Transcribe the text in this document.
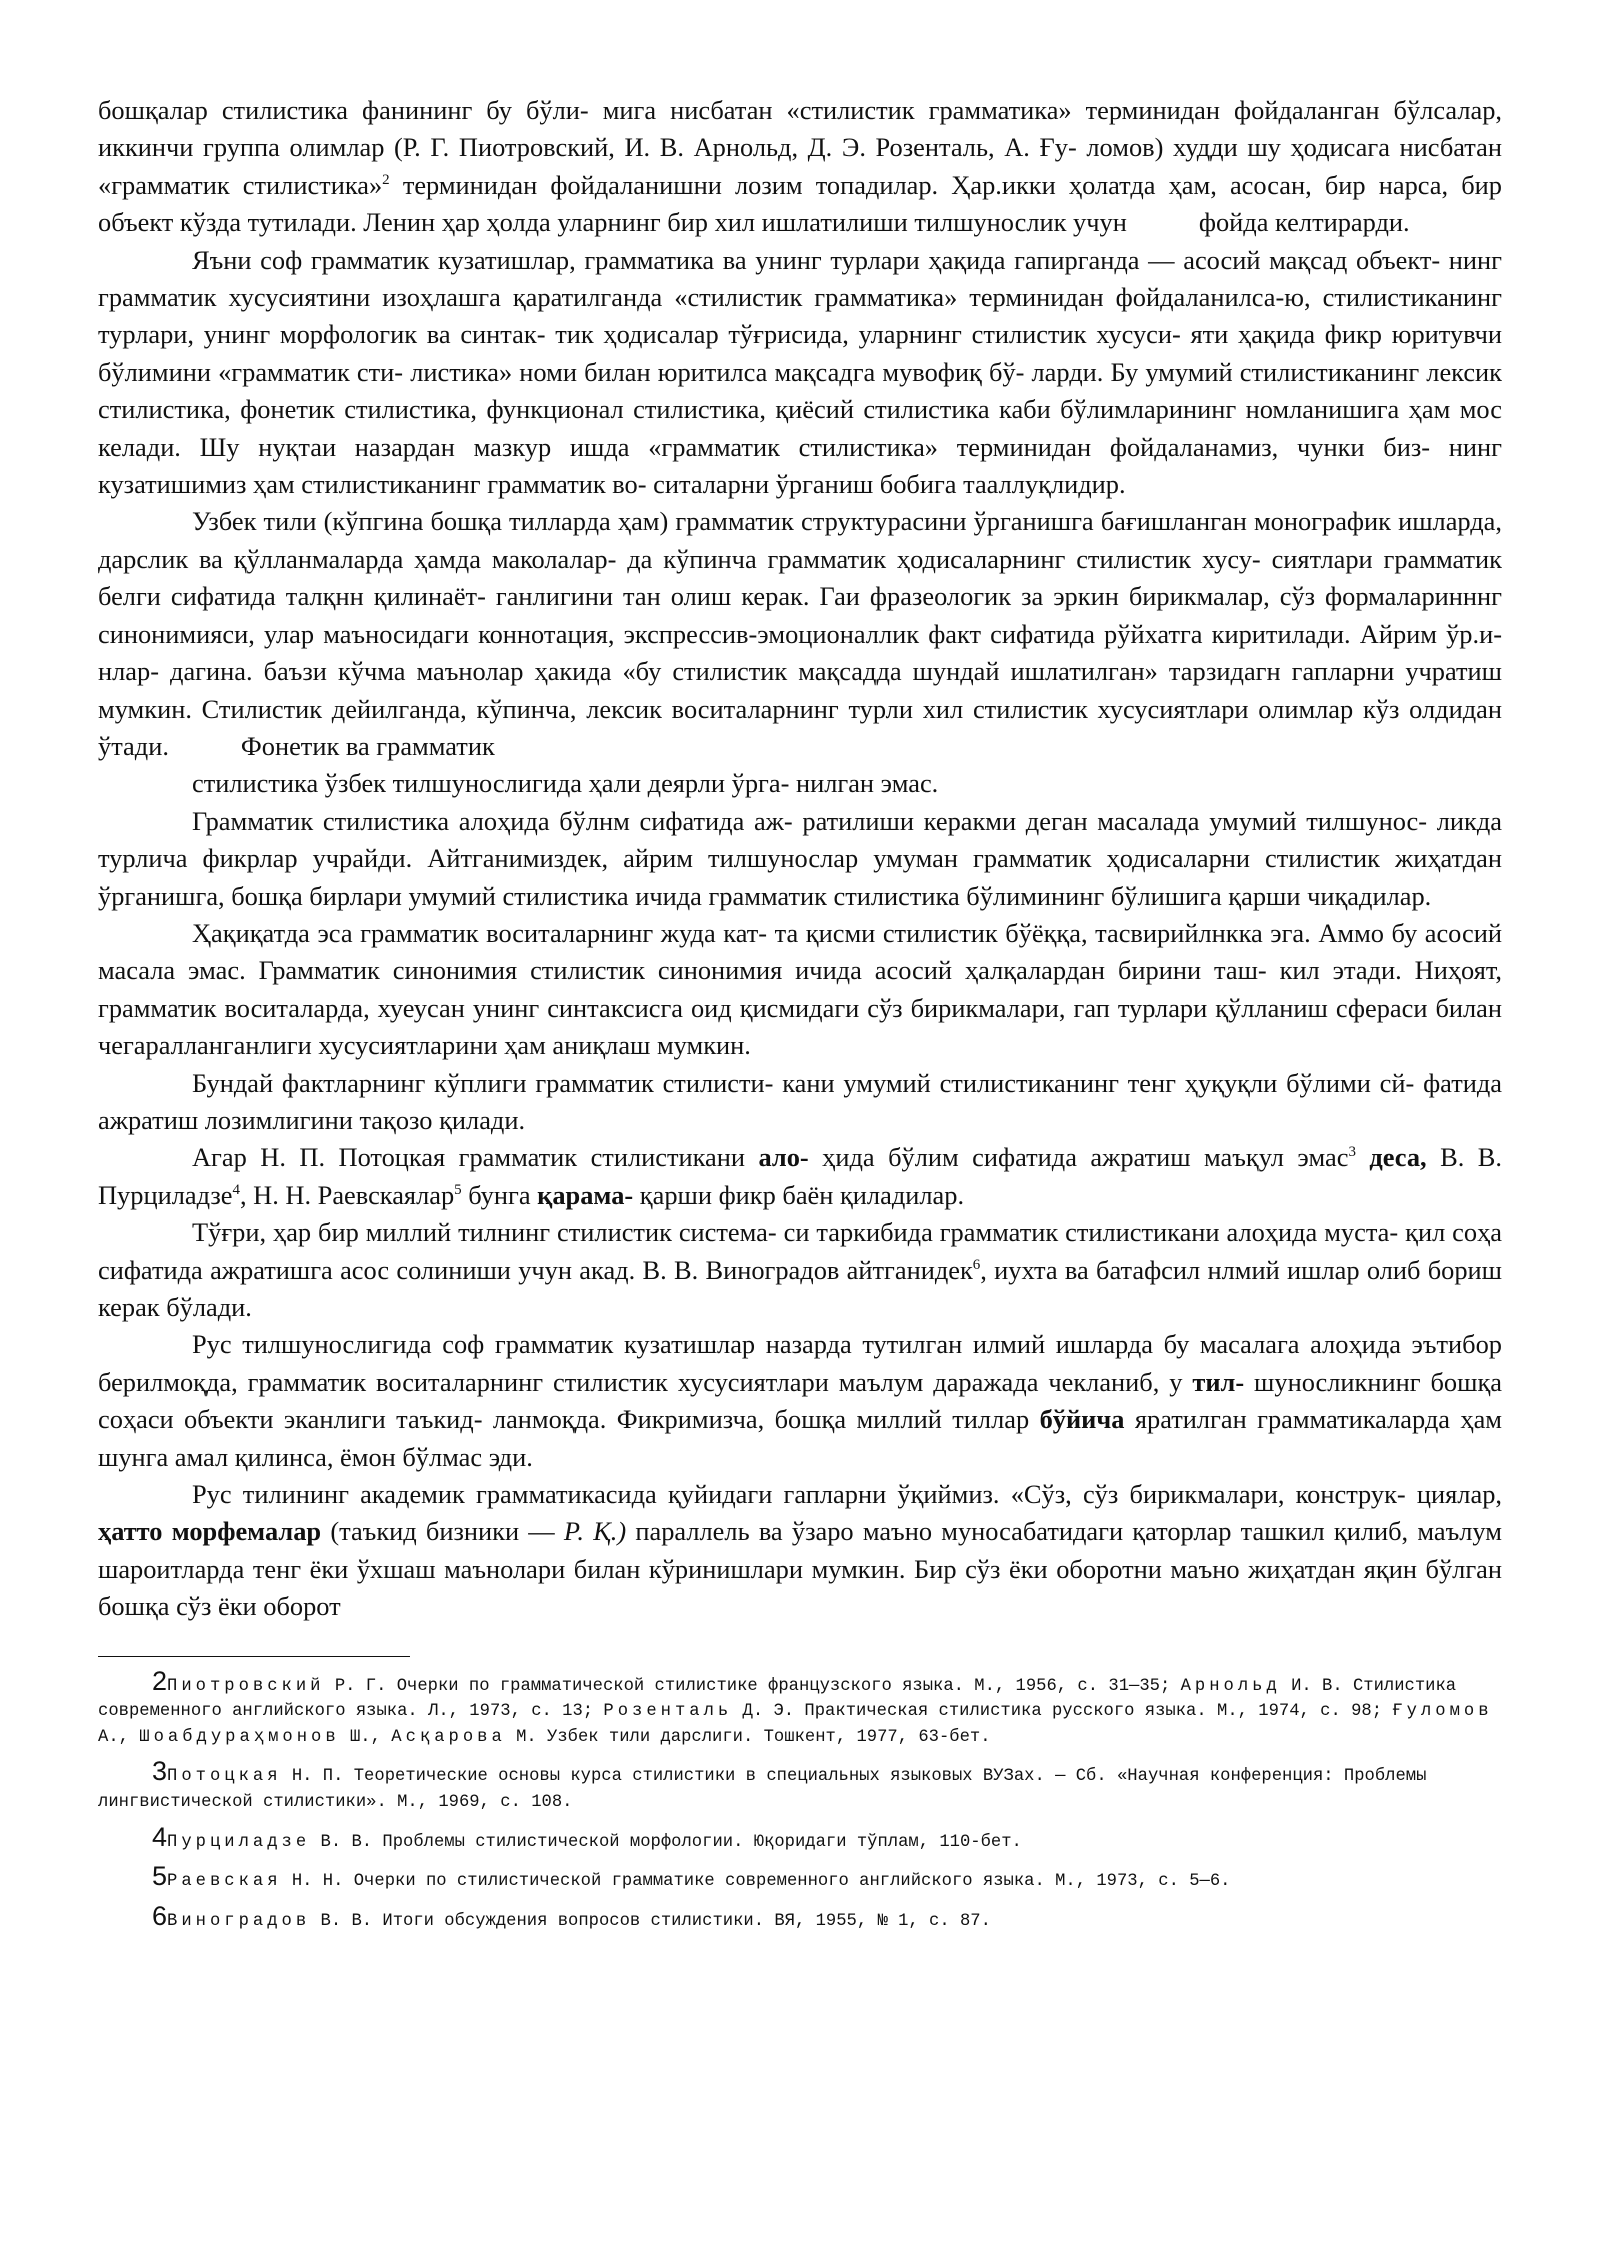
бошқалар стилистика фанининг бу бўли- мига нисбатан «стилистик грамматика» терминидан фойдаланган бўлсалар, иккинчи группа олимлар (Р. Г. Пиотровский, И. В. Арнольд, Д. Э. Розенталь, А. Ғу- ломов) худди шу ҳодисага нисбатан «грамматик стилистика»$^2$ терминидан фойдаланишни лозим топадилар. Ҳар.икки ҳолатда ҳам, асосан, бир нарса, бир объект кўзда тутилади. Ленин ҳар ҳолда уларнинг бир хил ишлатилиши тилшунослик учун	фойда келтирарди.

Яъни соф грамматик кузатишлар, грамматика ва унинг турлари ҳақида гапирганда — асосий мақсад объект- нинг грамматик хусусиятини изоҳлашга қаратилганда «стилистик грамматика» терминидан фойдаланилса-ю, стилистиканинг турлари, унинг морфологик ва синтак- тик ҳодисалар тўғрисида, уларнинг стилистик хусуси- яти ҳақида фикр юритувчи бўлимини «грамматик сти- листика» номи билан юритилса мақсадга мувофиқ бў- ларди. Бу умумий стилистиканинг лексик стилистика, фонетик стилистика, функционал стилистика, қиёсий стилистика каби бўлимларининг номланишига ҳам мос келади. Шу нуқтаи назардан мазкур ишда «грамматик стилистика» терминидан фойдаланамиз, чунки биз- нинг кузатишимиз ҳам стилистиканинг грамматик во- ситаларни ўрганиш бобига тааллуқлидир.

Узбек тили (кўпгина бошқа тилларда ҳам) грамматик структурасини ўрганишга бағишланган монографик ишларда, дарслик ва қўлланмаларда ҳамда маколалар- да кўпинча грамматик ҳодисаларнинг стилистик хусу- сиятлари грамматик белги сифатида талқнн қилинаёт- ганлигини тан олиш керак. Гаи фразеологик за эркин бирикмалар, сўз формаларинннг синонимияси, улар маъносидаги коннотация, экспрессив-эмоционаллик факт сифатида рўйхатга киритилади. Айрим ўр.и-нлар- дагина. баъзи кўчма маънолар ҳакида «бу стилистик мақсадда шундай ишлатилган» тарзидагн гапларни учратиш мумкин. Стилистик дейилганда, кўпинча, лексик воситаларнинг турли хил стилистик хусусиятлари олимлар кўз олдидан ўтади.	Фонетик ва грамматик

стилистика ўзбек тилшунослигида ҳали деярли ўрга- нилган эмас.

Грамматик стилистика алоҳида бўлнм сифатида аж- ратилиши керакми деган масалада умумий тилшунос- ликда турлича фикрлар учрайди. Айтганимиздек, айрим тилшунослар умуман грамматик ҳодисаларни стилистик жиҳатдан ўрганишга, бошқа бирлари умумий стилистика ичида грамматик стилистика бўлимининг бўлишига қарши чиқадилар.

Ҳақиқатда эса грамматик воситаларнинг жуда кат- та қисми стилистик бўёққа, тасвирийлнкка эга. Аммо бу асосий масала эмас. Грамматик синонимия стилистик синонимия ичида асосий ҳалқалардан бирини таш- кил этади. Ниҳоят, грамматик воситаларда, хуеусан унинг синтаксисга оид қисмидаги сўз бирикмалари, гап турлари қўлланиш сфераси билан чегаралланганлиги хусусиятларини ҳам аниқлаш мумкин.

Бундай фактларнинг кўплиги грамматик стилисти- кани умумий стилистиканинг тенг ҳуқуқли бўлими сй- фатида ажратиш лозимлигини тақозо қилади.

Агар Н. П. Потоцкая грамматик стилистикани ало- ҳида бўлим сифатида ажратиш маъқул эмас$^3$ деса, В. В. Пурциладзе$^4$, Н. Н. Раевскаялар$^5$ бунга қарама- қарши фикр баён қиладилар.

Тўғри, ҳар бир миллий тилнинг стилистик система- си таркибида грамматик стилистикани алоҳида муста- қил соҳа сифатида ажратишга асос солиниши учун акад. В. В. Виноградов айтганидек$^6$, иухта ва батафсил нлмий ишлар олиб бориш керак бўлади.

Рус тилшунослигида соф грамматик кузатишлар назарда тутилган илмий ишларда бу масалага алоҳида эътибор берилмоқда, грамматик воситаларнинг стилистик хусусиятлари маълум даражада чекланиб, у тил- шуносликнинг бошқа соҳаси объекти эканлиги таъкид- ланмоқда. Фикримизча, бошқа миллий тиллар бўйича яратилган грамматикаларда ҳам шунга амал қилинса, ёмон бўлмас эди.

Рус тилининг академик грамматикасида қуйидаги гапларни ўқиймиз. «Сўз, сўз бирикмалари, конструк- циялар, ҳатто морфемалар (таъкид бизники — Р. Қ.) параллель ва ўзаро маъно муносабатидаги қаторлар ташкил қилиб, маълум шароитларда тенг ёки ўхшаш маънолари билан кўринишлари мумкин. Бир сўз ёки оборотни маъно жиҳатдан яқин бўлган бошқа сўз ёки оборот

2Пиотровский Р. Г. Очерки по грамматической стилистике французского языка. М., 1956, с. 31—35; Арнольд И. В. Стилистика современного английского языка. Л., 1973, с. 13; Розенталь Д. Э. Практическая стилистика русского языка. М., 1974, с. 98; Ғуломов А., Шоабдураҳмонов Ш., Асқарова М. Узбек тили дарслиги. Тошкент, 1977, 63-бет.

3Потоцкая Н. П. Теоретические основы курса стилистики в специальных языковых ВУЗах. — Сб. «Научная конференция: Проблемы лингвистической стилистики». М., 1969, с. 108.

4Пурциладзе В. В. Проблемы стилистической морфологии. Юқоридаги тўплам, 110-бет.

5Раевская Н. Н. Очерки по стилистической грамматике современного английского языка. М., 1973, с. 5—6.

6Виноградов В. В. Итоги обсуждения вопросов стилистики. ВЯ, 1955, № 1, с. 87.
